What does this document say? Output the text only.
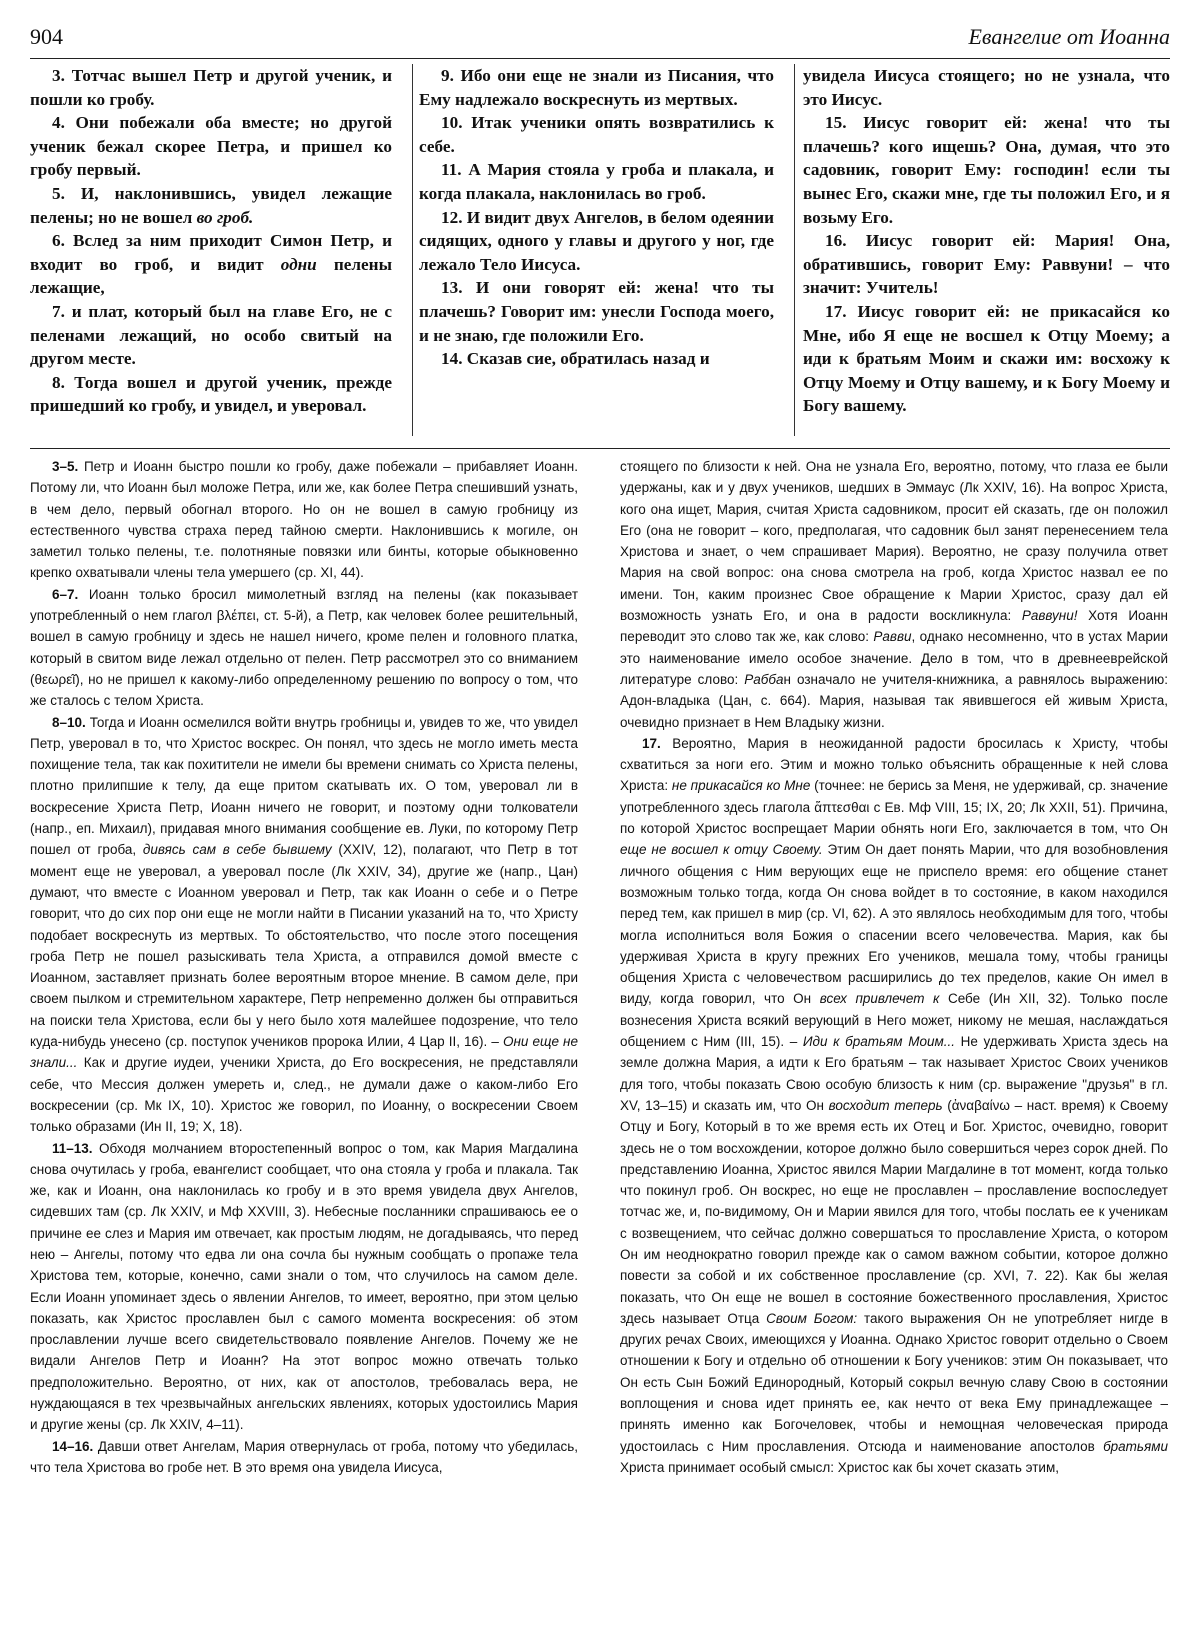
904	Евангелие от Иоанна

3. Тотчас вышел Петр и другой ученик, и пошли ко гробу.

4. Они побежали оба вместе; но другой ученик бежал скорее Петра, и пришел ко гробу первый.

5. И, наклонившись, увидел лежащие пелены; но не вошел во гроб.

6. Вслед за ним приходит Симон Петр, и входит во гроб, и видит одни пелены лежащие,

7. и плат, который был на главе Его, не с пеленами лежащий, но особо свитый на другом месте.

8. Тогда вошел и другой ученик, прежде пришедший ко гробу, и увидел, и уверовал.

9. Ибо они еще не знали из Писания, что Ему надлежало воскреснуть из мертвых.

10. Итак ученики опять возвратились к себе.

11. А Мария стояла у гроба и плакала, и когда плакала, наклонилась во гроб.

12. И видит двух Ангелов, в белом одеянии сидящих, одного у главы и другого у ног, где лежало Тело Иисуса.

13. И они говорят ей: жена! что ты плачешь? Говорит им: унесли Господа моего, и не знаю, где положили Его.

14. Сказав сие, обратилась назад и

увидела Иисуса стоящего; но не узнала, что это Иисус.

15. Иисус говорит ей: жена! что ты плачешь? кого ищешь? Она, думая, что это садовник, говорит Ему: господин! если ты вынес Его, скажи мне, где ты положил Его, и я возьму Его.

16. Иисус говорит ей: Мария! Она, обратившись, говорит Ему: Раввуни! – что значит: Учитель!

17. Иисус говорит ей: не прикасайся ко Мне, ибо Я еще не восшел к Отцу Моему; а иди к братьям Моим и скажи им: восхожу к Отцу Моему и Отцу вашему, и к Богу Моему и Богу вашему.

3–5. Петр и Иоанн быстро пошли ко гробу, даже побежали – прибавляет Иоанн. Потому ли, что Иоанн был моложе Петра, или же, как более Петра спешивший узнать, в чем дело, первый обогнал второго. Но он не вошел в самую гробницу из естественного чувства страха перед тайною смерти. Наклонившись к могиле, он заметил только пелены, т.е. полотняные повязки или бинты, которые обыкновенно крепко охватывали члены тела умершего (ср. XI, 44).

6–7. Иоанн только бросил мимолетный взгляд на пелены (как показывает употребленный о нем глагол βλέπει, ст. 5-й), а Петр, как человек более решительный, вошел в самую гробницу и здесь не нашел ничего, кроме пелен и головного платка, который в свитом виде лежал отдельно от пелен. Петр рассмотрел это со вниманием (θεωρεῖ), но не пришел к какому-либо определенному решению по вопросу о том, что же сталось с телом Христа.

8–10. Тогда и Иоанн осмелился войти внутрь гробницы и, увидев то же, что увидел Петр, уверовал в то, что Христос воскрес. Он понял, что здесь не могло иметь места похищение тела, так как похитители не имели бы времени снимать со Христа пелены, плотно прилипшие к телу, да еще притом скатывать их. О том, уверовал ли в воскресение Христа Петр, Иоанн ничего не говорит, и поэтому одни толкователи (напр., еп. Михаил), придавая много внимания сообщение ев. Луки, по которому Петр пошел от гроба, дивясь сам в себе бывшему (XXIV, 12), полагают, что Петр в тот момент еще не уверовал, а уверовал после (Лк XXIV, 34), другие же (напр., Цан) думают, что вместе с Иоанном уверовал и Петр, так как Иоанн о себе и о Петре говорит, что до сих пор они еще не могли найти в Писании указаний на то, что Христу подобает воскреснуть из мертвых. То обстоятельство, что после этого посещения гроба Петр не пошел разыскивать тела Христа, а отправился домой вместе с Иоанном, заставляет признать более вероятным второе мнение. В самом деле, при своем пылком и стремительном характере, Петр непременно должен бы отправиться на поиски тела Христова, если бы у него было хотя малейшее подозрение, что тело куда-нибудь унесено (ср. поступок учеников пророка Илии, 4 Цар II, 16). – Они еще не знали... Как и другие иудеи, ученики Христа, до Его воскресения, не представляли себе, что Мессия должен умереть и, след., не думали даже о каком-либо Его воскресении (ср. Мк IX, 10). Христос же говорил, по Иоанну, о воскресении Своем только образами (Ин II, 19; X, 18).

11–13. Обходя молчанием второстепенный вопрос о том, как Мария Магдалина снова очутилась у гроба, евангелист сообщает, что она стояла у гроба и плакала. Так же, как и Иоанн, она наклонилась ко гробу и в это время увидела двух Ангелов, сидевших там (ср. Лк XXIV, и Мф XXVIII, 3). Небесные посланники спрашиваюсь ее о причине ее слез и Мария им отвечает, как простым людям, не догадываясь, что перед нею – Ангелы, потому что едва ли она сочла бы нужным сообщать о пропаже тела Христова тем, которые, конечно, сами знали о том, что случилось на самом деле. Если Иоанн упоминает здесь о явлении Ангелов, то имеет, вероятно, при этом целью показать, как Христос прославлен был с самого момента воскресения: об этом прославлении лучше всего свидетельствовало появление Ангелов. Почему же не видали Ангелов Петр и Иоанн? На этот вопрос можно отвечать только предположительно. Вероятно, от них, как от апостолов, требовалась вера, не нуждающаяся в тех чрезвычайных ангельских явлениях, которых удостоились Мария и другие жены (ср. Лк XXIV, 4–11).

14–16. Давши ответ Ангелам, Мария отвернулась от гроба, потому что убедилась, что тела Христова во гробе нет. В это время она увидела Иисуса,

стоящего по близости к ней. Она не узнала Его, вероятно, потому, что глаза ее были удержаны, как и у двух учеников, шедших в Эммаус (Лк XXIV, 16). На вопрос Христа, кого она ищет, Мария, считая Христа садовником, просит ей сказать, где он положил Его (она не говорит – кого, предполагая, что садовник был занят перенесением тела Христова и знает, о чем спрашивает Мария). Вероятно, не сразу получила ответ Мария на свой вопрос: она снова смотрела на гроб, когда Христос назвал ее по имени. Тон, каким произнес Свое обращение к Марии Христос, сразу дал ей возможность узнать Его, и она в радости воскликнула: Раввуни! Хотя Иоанн переводит это слово так же, как слово: Равви, однако несомненно, что в устах Марии это наименование имело особое значение. Дело в том, что в древнееврейской литературе слово: Раббан означало не учителя-книжника, а равнялось выражению: Адон-владыка (Цан, с. 664). Мария, называя так явившегося ей живым Христа, очевидно признает в Нем Владыку жизни.

17. Вероятно, Мария в неожиданной радости бросилась к Христу, чтобы схватиться за ноги его. Этим и можно только объяснить обращенные к ней слова Христа: не прикасайся ко Мне (точнее: не берись за Меня, не удерживай, ср. значение употребленного здесь глагола ἅπτεσθαι с Ев. Мф VIII, 15; IX, 20; Лк XXII, 51). Причина, по которой Христос воспрещает Марии обнять ноги Его, заключается в том, что Он еще не восшел к отцу Своему. Этим Он дает понять Марии, что для возобновления личного общения с Ним верующих еще не приспело время: его общение станет возможным только тогда, когда Он снова войдет в то состояние, в каком находился перед тем, как пришел в мир (ср. VI, 62). А это являлось необходимым для того, чтобы могла исполниться воля Божия о спасении всего человечества. Мария, как бы удерживая Христа в кругу прежних Его учеников, мешала тому, чтобы границы общения Христа с человечеством расширились до тех пределов, какие Он имел в виду, когда говорил, что Он всех привлечет к Себе (Ин XII, 32). Только после вознесения Христа всякий верующий в Него может, никому не мешая, наслаждаться общением с Ним (III, 15). – Иди к братьям Моим... Не удерживать Христа здесь на земле должна Мария, а идти к Его братьям – так называет Христос Своих учеников для того, чтобы показать Свою особую близость к ним (ср. выражение "друзья" в гл. XV, 13–15) и сказать им, что Он восходит теперь (ἀναβαίνω – наст. время) к Своему Отцу и Богу, Который в то же время есть их Отец и Бог. Христос, очевидно, говорит здесь не о том восхождении, которое должно было совершиться через сорок дней. По представлению Иоанна, Христос явился Марии Магдалине в тот момент, когда только что покинул гроб. Он воскрес, но еще не прославлен – прославление воспоследует тотчас же, и, по-видимому, Он и Марии явился для того, чтобы послать ее к ученикам с возвещением, что сейчас должно совершаться то прославление Христа, о котором Он им неоднократно говорил прежде как о самом важном событии, которое должно повести за собой и их собственное прославление (ср. XVI, 7. 22). Как бы желая показать, что Он еще не вошел в состояние божественного прославления, Христос здесь называет Отца Своим Богом: такого выражения Он не употребляет нигде в других речах Своих, имеющихся у Иоанна. Однако Христос говорит отдельно о Своем отношении к Богу и отдельно об отношении к Богу учеников: этим Он показывает, что Он есть Сын Божий Единородный, Который сокрыл вечную славу Свою в состоянии воплощения и снова идет принять ее, как нечто от века Ему принадлежащее – принять именно как Богочеловек, чтобы и немощная человеческая природа удостоилась с Ним прославления. Отсюда и наименование апостолов братьями Христа принимает особый смысл: Христос как бы хочет сказать этим,
